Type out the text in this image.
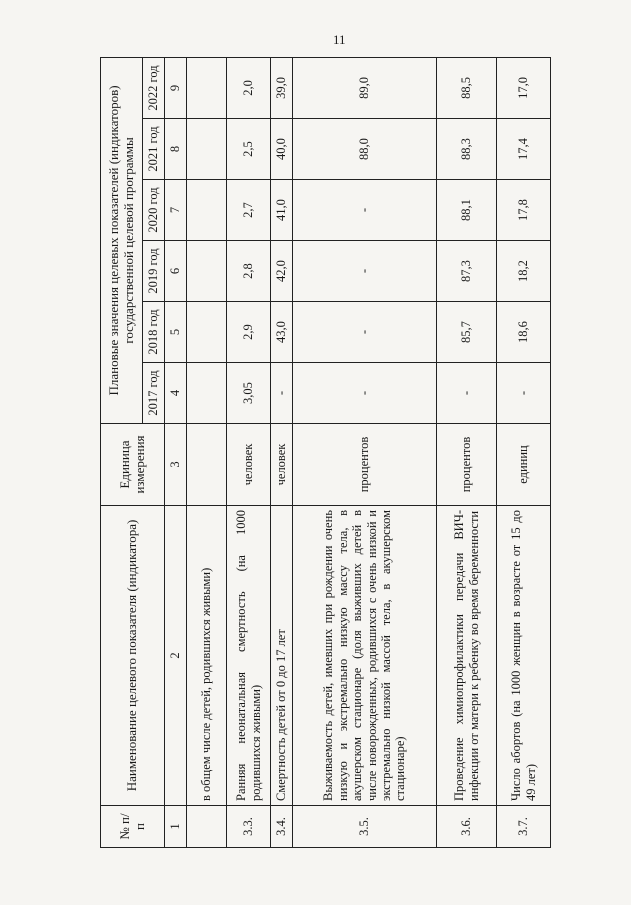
11
№ п/п	Наименование целевого показателя (индикатора)	Единица измерения	Плановые значения целевых показателей (индикаторов) государственной целевой программы					
			2017 год	2018 год	2019 год	2020 год	2021 год	2022 год
1	2	3	4	5	6	7	8	9
	в общем числе детей, родившихся живыми)							
3.3.	Ранняя неонатальная смертность (на 1000 родившихся живыми)	человек	3,05	2,9	2,8	2,7	2,5	2,0
3.4.	Смертность детей от 0 до 17 лет	человек	-	43,0	42,0	41,0	40,0	39,0
3.5.	Выживаемость детей, имевших при рождении очень низкую и экстремально низкую массу тела, в акушерском стационаре (доля выживших детей в числе новорожденных, родившихся с очень низкой и экстремально низкой массой тела, в акушерском стационаре)	процентов	-	-	-	-	88,0	89,0
3.6.	Проведение химиопрофилактики передачи ВИЧ-инфекции от матери к ребенку во время беременности	процентов	-	85,7	87,3	88,1	88,3	88,5
3.7.	Число абортов (на 1000 женщин в возрасте от 15 до 49 лет)	единиц	-	18,6	18,2	17,8	17,4	17,0
